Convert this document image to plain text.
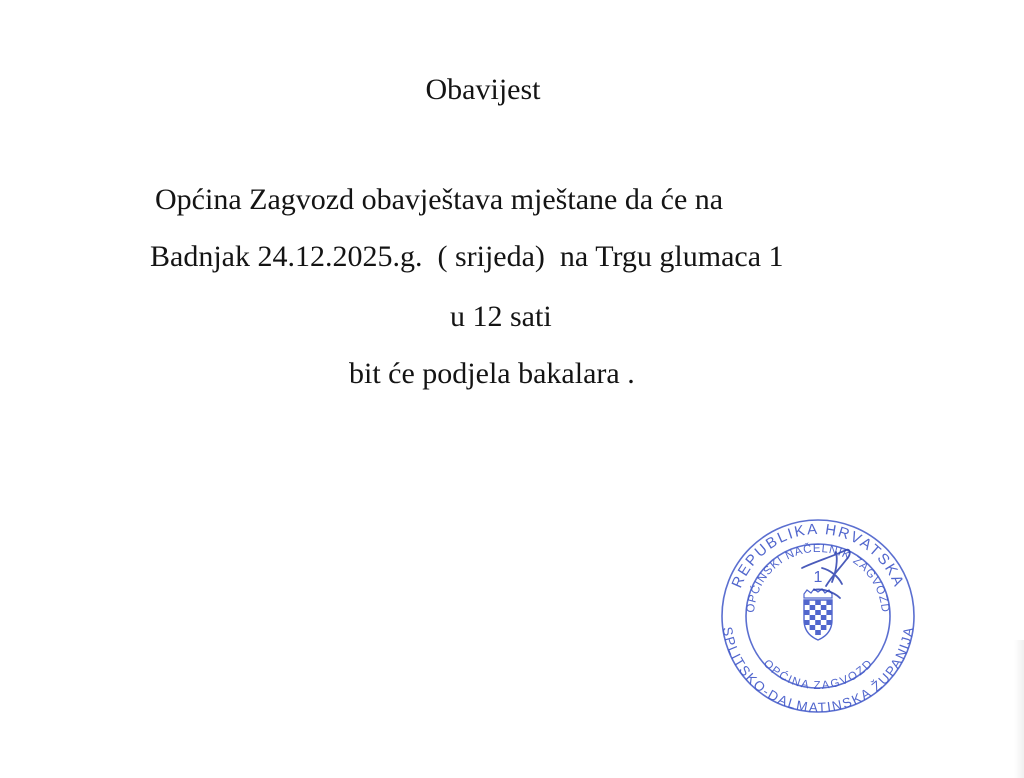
Obavijest
Općina Zagvozd obavještava mještane da će na
Badnjak 24.12.2025.g.  ( srijeda)  na Trgu glumaca 1
u 12 sati
bit će podjela bakalara .
REPUBLIKA HRVATSKA
OPĆINSKI NAČELNIK ZAGVOZD
OPĆINA ZAGVOZD
SPLITSKO-DALMATINSKA ŽUPANIJA
1
